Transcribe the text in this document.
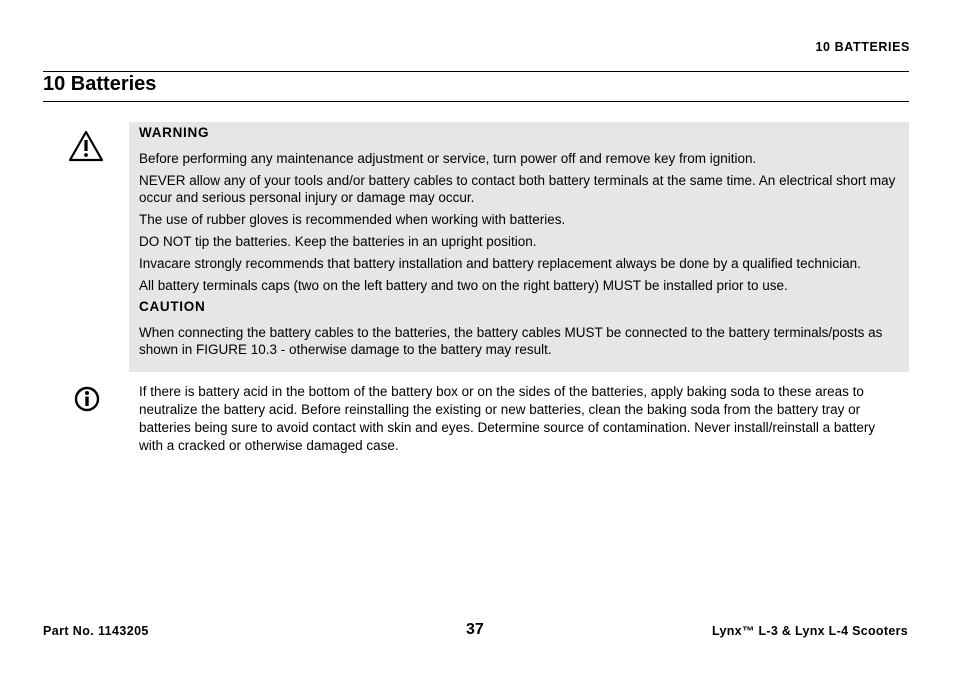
10 BATTERIES
10 Batteries

WARNING

Before performing any maintenance adjustment or service, turn power off and remove key from ignition.

NEVER allow any of your tools and/or battery cables to contact both battery terminals at the same time. An electrical short may occur and serious personal injury or damage may occur.

The use of rubber gloves is recommended when working with batteries.

DO NOT tip the batteries. Keep the batteries in an upright position.

Invacare strongly recommends that battery installation and battery replacement always be done by a qualified technician.

All battery terminals caps (two on the left battery and two on the right battery) MUST be installed prior to use.

CAUTION

When connecting the battery cables to the batteries, the battery cables MUST be connected to the battery terminals/posts as shown in FIGURE 10.3 - otherwise damage to the battery may result.

If there is battery acid in the bottom of the battery box or on the sides of the batteries, apply baking soda to these areas to neutralize the battery acid. Before reinstalling the existing or new batteries, clean the baking soda from the battery tray or batteries being sure to avoid contact with skin and eyes. Determine source of contamination. Never install/reinstall a battery with a cracked or otherwise damaged case.
Part No. 1143205	37	Lynx™ L-3 & Lynx L-4 Scooters
